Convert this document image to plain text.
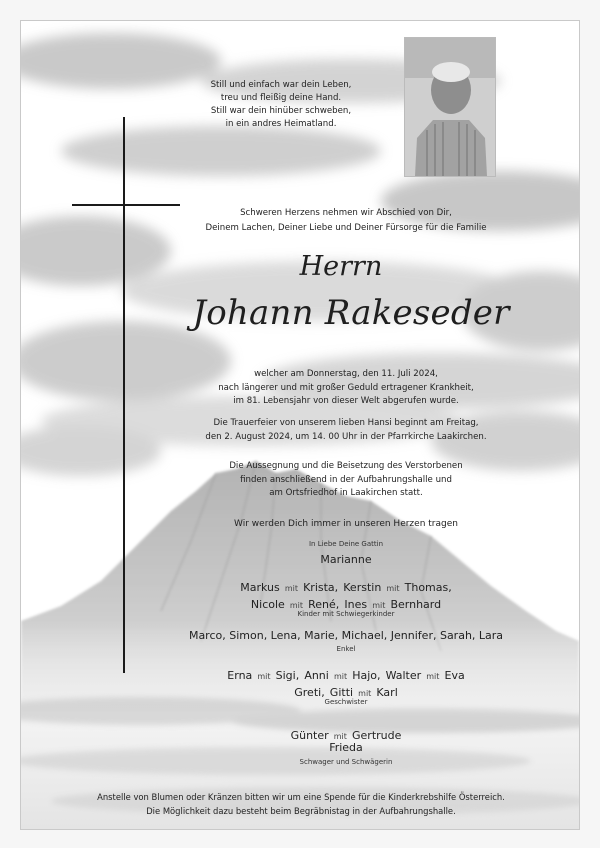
Still und einfach war dein Leben,
treu und fleißig deine Hand.
Still war dein hinüber schweben,
in ein andres Heimatland.
Schweren Herzens nehmen wir Abschied von Dir,
Deinem Lachen, Deiner Liebe und Deiner Fürsorge für die Familie
Herrn
Johann Rakeseder
welcher am Donnerstag, den 11. Juli 2024,
nach längerer und mit großer Geduld ertragener Krankheit,
im 81. Lebensjahr von dieser Welt abgerufen wurde.
Die Trauerfeier von unserem lieben Hansi beginnt am Freitag,
den 2. August 2024, um 14. 00 Uhr in der Pfarrkirche Laakirchen.
Die Aussegnung und die Beisetzung des Verstorbenen
finden anschließend in der Aufbahrungshalle und
am Ortsfriedhof in Laakirchen statt.
Wir werden Dich immer in unseren Herzen tragen
In Liebe Deine Gattin
Marianne
Markus mit Krista, Kerstin mit Thomas,
Nicole mit René, Ines mit Bernhard
Kinder mit Schwiegerkinder
Marco, Simon, Lena, Marie, Michael, Jennifer, Sarah, Lara
Enkel
Erna mit Sigi, Anni mit Hajo, Walter mit Eva
Greti, Gitti mit Karl
Geschwister
Günter mit Gertrude
Frieda
Schwager und Schwägerin
Anstelle von Blumen oder Kränzen bitten wir um eine Spende für die Kinderkrebshilfe Österreich.
Die Möglichkeit dazu besteht beim Begräbnistag in der Aufbahrungshalle.
